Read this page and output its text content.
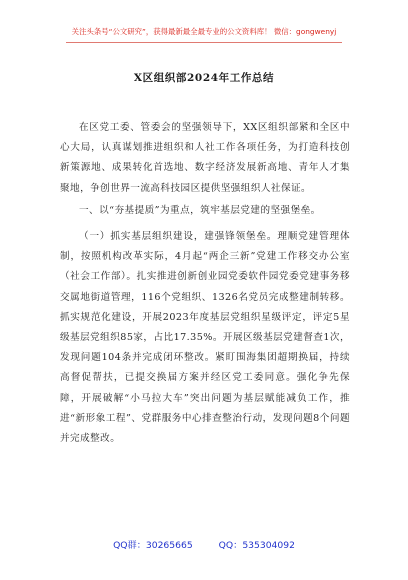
关注头条号“公文研究”，获得最新最全最专业的公文资料库！ 微信：gongwenyj
X区组织部2024年工作总结

在区党工委、管委会的坚强领导下，XX区组织部紧和全区中心大局，认真谋划推进组织和人社工作各项任务，为打造科技创新策源地、成果转化首选地、数字经济发展新高地、青年人才集聚地，争创世界一流高科技园区提供坚强组织人社保证。

一、以“夯基提质”为重点，筑牢基层党建的坚强堡垒。

（一）抓实基层组织建设，建强锋领堡垒。理顺党建管理体制，按照机构改革实际，4月起“两企三新”党建工作移交办公室（社会工作部）。扎实推进创新创业园党委软件园党委党建事务移交属地街道管理，116个党组织、1326名党员完成整建制转移。抓实规范化建设，开展2023年度基层党组织星级评定，评定5星级基层党组织85家，占比17.35%。开展区级基层党建督查1次，发现问题104条并完成闭环整改。紧盯围海集团超期换届，持续高督促帮扶，已提交换届方案并经区党工委同意。强化争先保障，开展破解“小马拉大车”突出问题为基层赋能减负工作，推进“新形象工程”、党群服务中心排查整治行动，发现问题8个问题并完成整改。

QQ群：30265665	QQ：535304092
